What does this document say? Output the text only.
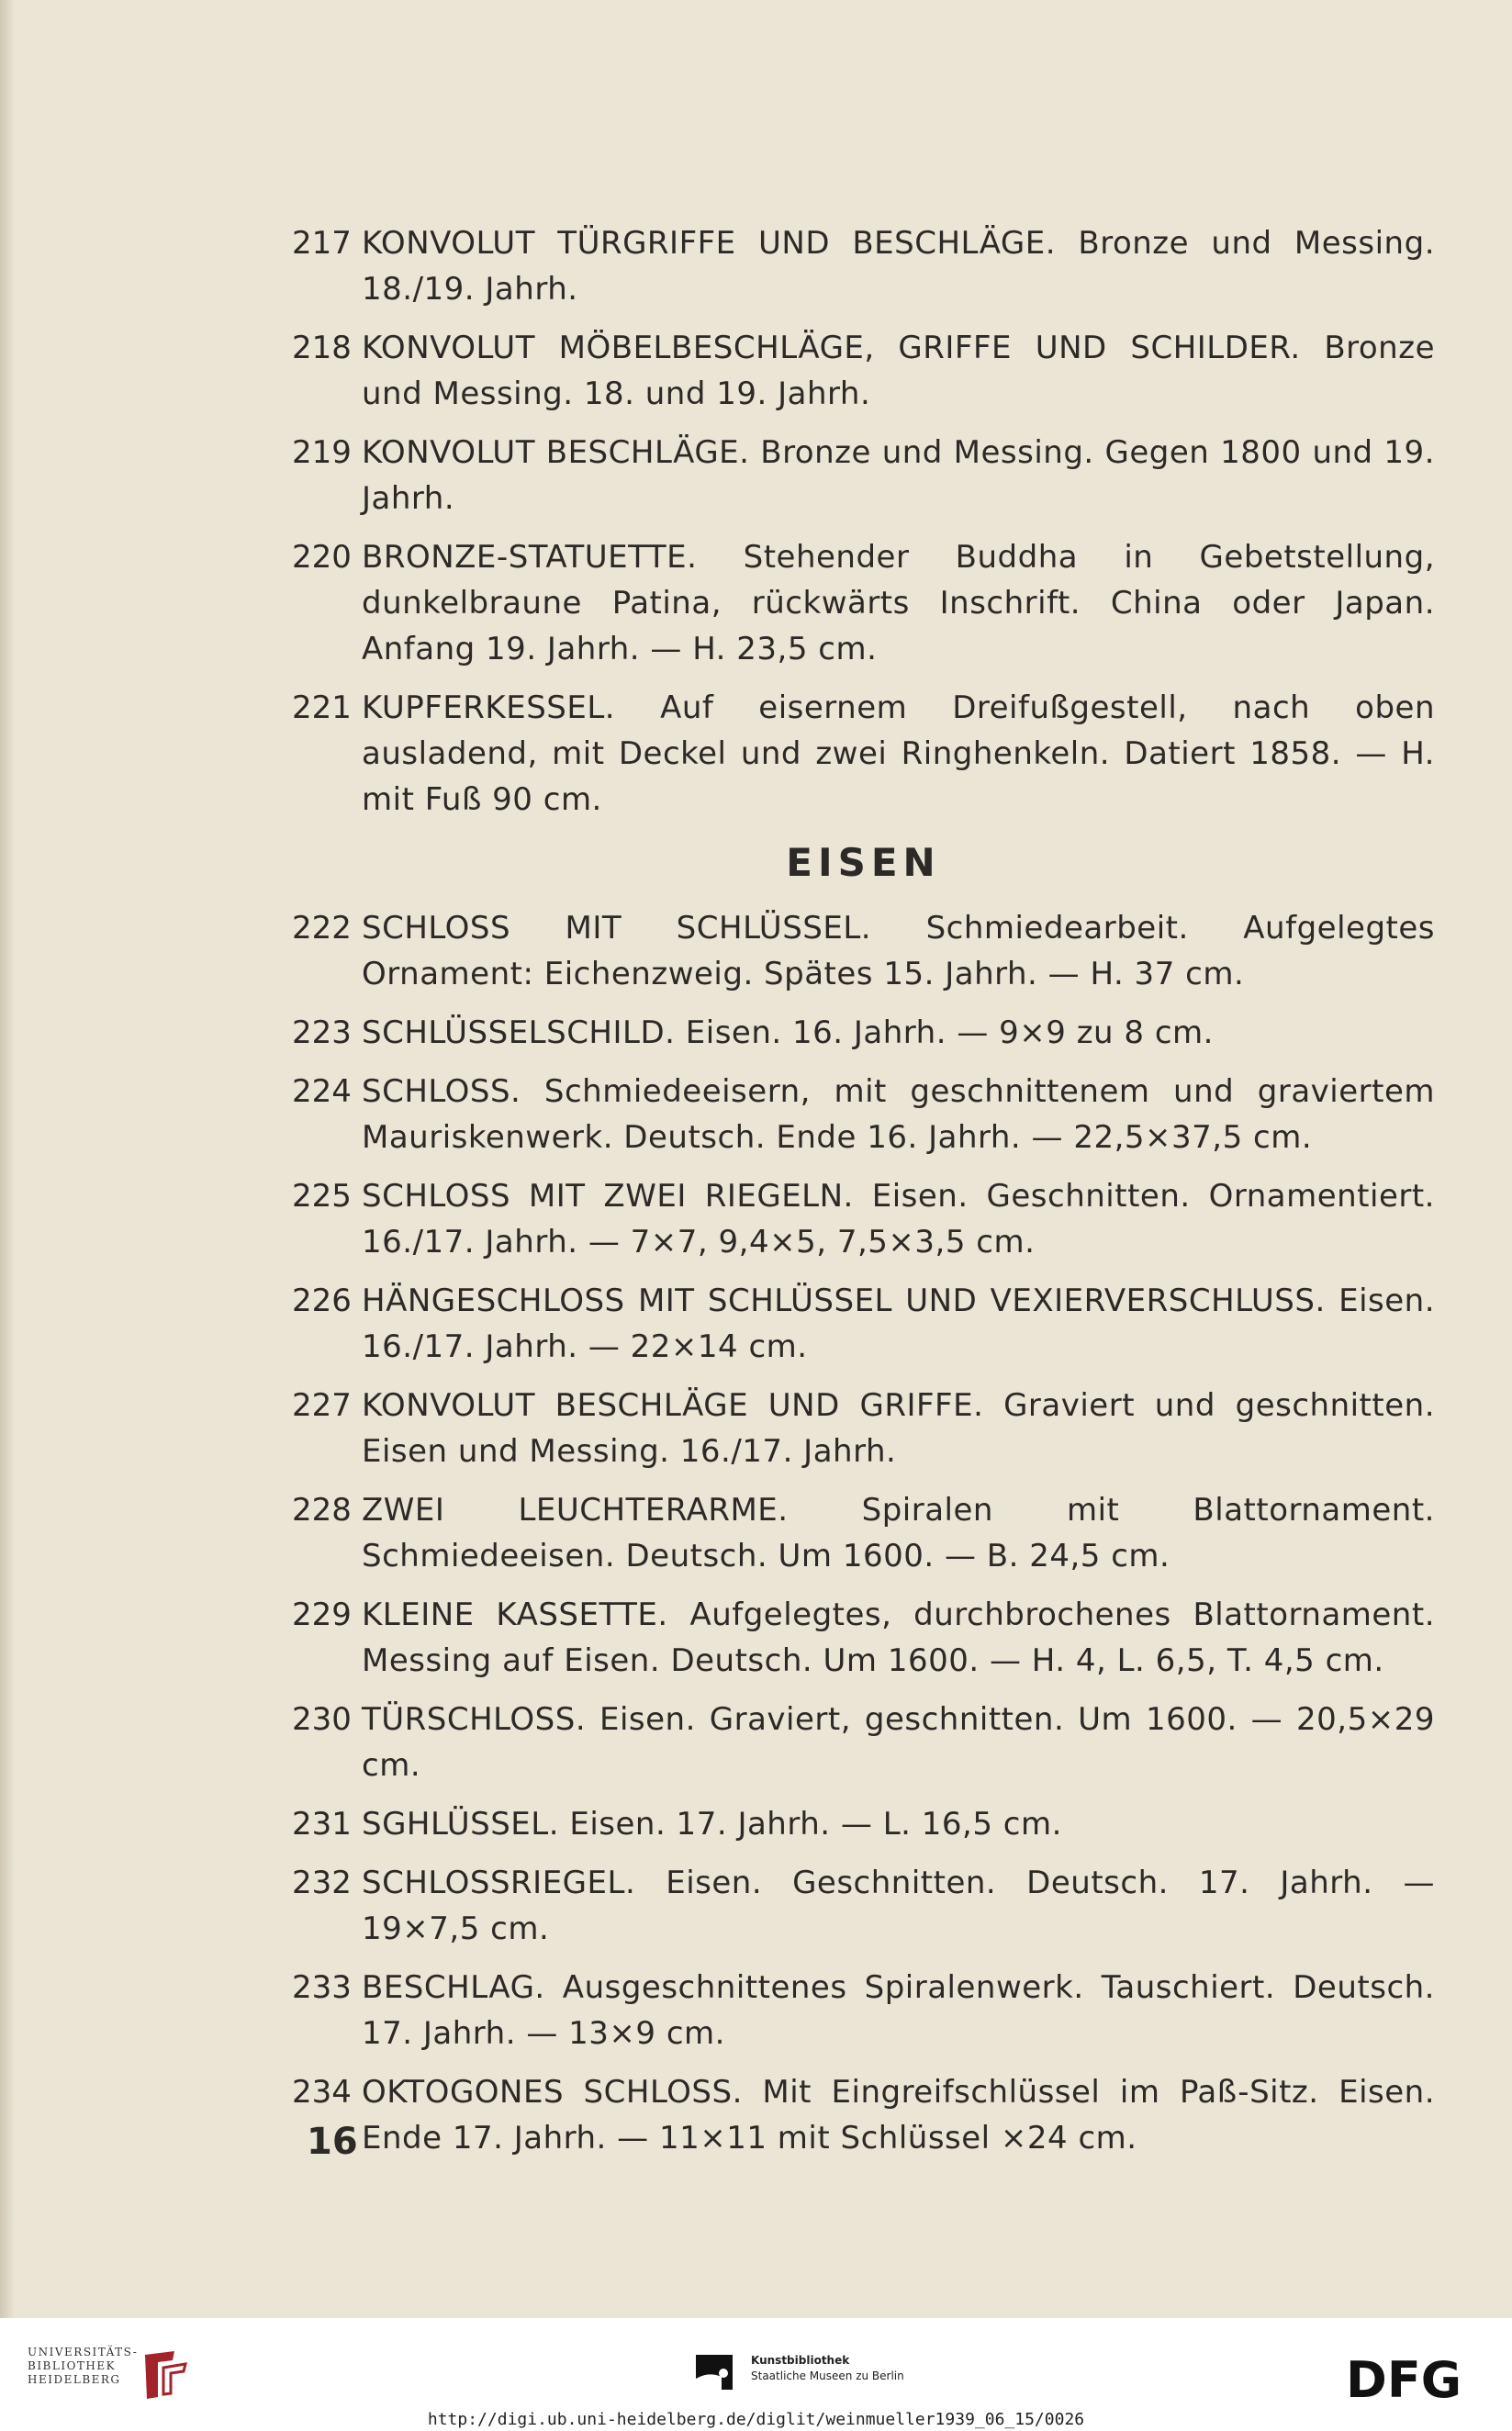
217 KONVOLUT TÜRGRIFFE UND BESCHLÄGE. Bronze und Messing. 18./19. Jahrh.
218 KONVOLUT MÖBELBESCHLÄGE, GRIFFE UND SCHILDER. Bronze und Messing. 18. und 19. Jahrh.
219 KONVOLUT BESCHLÄGE. Bronze und Messing. Gegen 1800 und 19. Jahrh.
220 BRONZE-STATUETTE. Stehender Buddha in Gebetstellung, dunkelbraune Patina, rückwärts Inschrift. China oder Japan. Anfang 19. Jahrh. — H. 23,5 cm.
221 KUPFERKESSEL. Auf eisernem Dreifußgestell, nach oben ausladend, mit Deckel und zwei Ringhenkeln. Datiert 1858. — H. mit Fuß 90 cm.
EISEN
222 SCHLOSS MIT SCHLÜSSEL. Schmiedearbeit. Aufgelegtes Ornament: Eichenzweig. Spätes 15. Jahrh. — H. 37 cm.
223 SCHLÜSSELSCHILD. Eisen. 16. Jahrh. — 9×9 zu 8 cm.
224 SCHLOSS. Schmiedeeisern, mit geschnittenem und graviertem Mauriskenwerk. Deutsch. Ende 16. Jahrh. — 22,5×37,5 cm.
225 SCHLOSS MIT ZWEI RIEGELN. Eisen. Geschnitten. Ornamentiert. 16./17. Jahrh. — 7×7, 9,4×5, 7,5×3,5 cm.
226 HÄNGESCHLOSS MIT SCHLÜSSEL UND VEXIERVERSCHLUSS. Eisen. 16./17. Jahrh. — 22×14 cm.
227 KONVOLUT BESCHLÄGE UND GRIFFE. Graviert und geschnitten. Eisen und Messing. 16./17. Jahrh.
228 ZWEI LEUCHTERARME. Spiralen mit Blattornament. Schmiedeeisen. Deutsch. Um 1600. — B. 24,5 cm.
229 KLEINE KASSETTE. Aufgelegtes, durchbrochenes Blattornament. Messing auf Eisen. Deutsch. Um 1600. — H. 4, L. 6,5, T. 4,5 cm.
230 TÜRSCHLOSS. Eisen. Graviert, geschnitten. Um 1600. — 20,5×29 cm.
231 SGHLÜSSEL. Eisen. 17. Jahrh. — L. 16,5 cm.
232 SCHLOSSRIEGEL. Eisen. Geschnitten. Deutsch. 17. Jahrh. — 19×7,5 cm.
233 BESCHLAG. Ausgeschnittenes Spiralenwerk. Tauschiert. Deutsch. 17. Jahrh. — 13×9 cm.
234 OKTOGONES SCHLOSS. Mit Eingreifschlüssel im Paß-Sitz. Eisen. Ende 17. Jahrh. — 11×11 mit Schlüssel ×24 cm.
16
UNIVERSITÄTS-
BIBLIOTHEK
HEIDELBERG
Kunstbibliothek
Staatliche Museen zu Berlin	DFG
http://digi.ub.uni-heidelberg.de/diglit/weinmueller1939_06_15/0026
